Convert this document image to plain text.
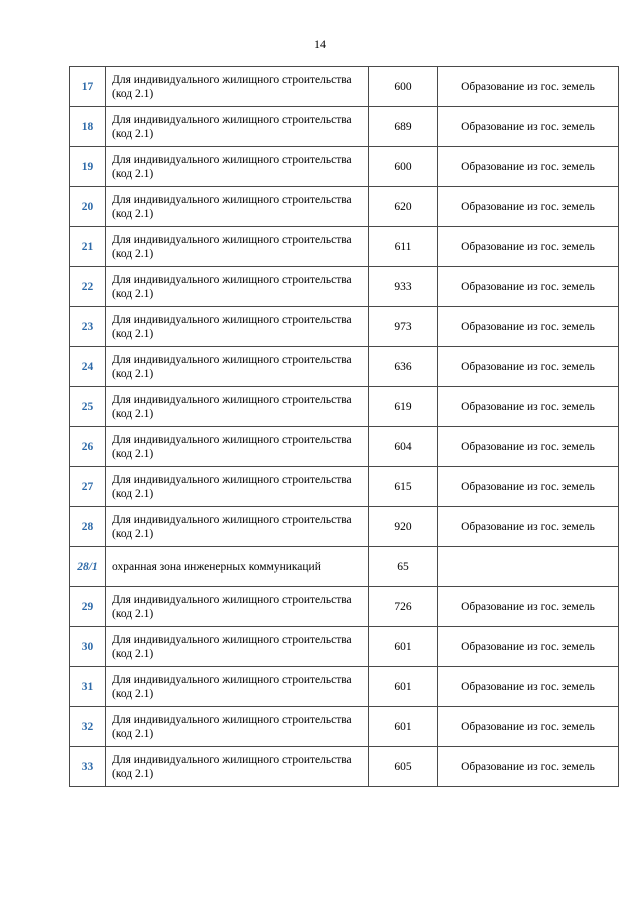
14
17	Для индивидуального жилищного строительства (код 2.1)	600	Образование из гос. земель
18	Для индивидуального жилищного строительства (код 2.1)	689	Образование из гос. земель
19	Для индивидуального жилищного строительства (код 2.1)	600	Образование из гос. земель
20	Для индивидуального жилищного строительства (код 2.1)	620	Образование из гос. земель
21	Для индивидуального жилищного строительства (код 2.1)	611	Образование из гос. земель
22	Для индивидуального жилищного строительства (код 2.1)	933	Образование из гос. земель
23	Для индивидуального жилищного строительства (код 2.1)	973	Образование из гос. земель
24	Для индивидуального жилищного строительства (код 2.1)	636	Образование из гос. земель
25	Для индивидуального жилищного строительства (код 2.1)	619	Образование из гос. земель
26	Для индивидуального жилищного строительства (код 2.1)	604	Образование из гос. земель
27	Для индивидуального жилищного строительства (код 2.1)	615	Образование из гос. земель
28	Для индивидуального жилищного строительства (код 2.1)	920	Образование из гос. земель
28/1	охранная зона инженерных коммуникаций	65	
29	Для индивидуального жилищного строительства (код 2.1)	726	Образование из гос. земель
30	Для индивидуального жилищного строительства (код 2.1)	601	Образование из гос. земель
31	Для индивидуального жилищного строительства (код 2.1)	601	Образование из гос. земель
32	Для индивидуального жилищного строительства (код 2.1)	601	Образование из гос. земель
33	Для индивидуального жилищного строительства (код 2.1)	605	Образование из гос. земель
